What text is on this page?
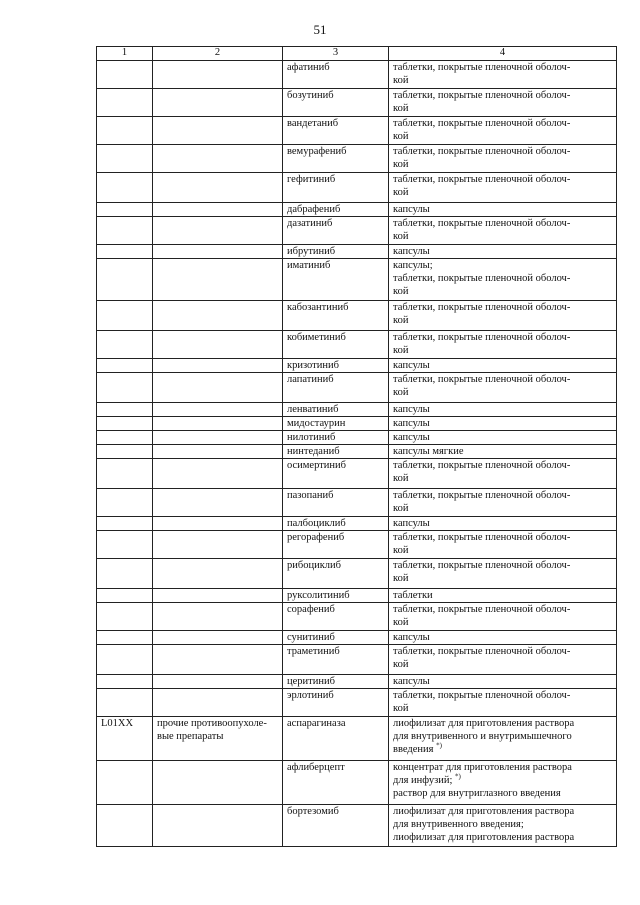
51
1	2	3	4
		афатиниб	таблетки, покрытые пленочной оболоч-
кой
		бозутиниб	таблетки, покрытые пленочной оболоч-
кой
		вандетаниб	таблетки, покрытые пленочной оболоч-
кой
		вемурафениб	таблетки, покрытые пленочной оболоч-
кой
		гефитиниб	таблетки, покрытые пленочной оболоч-
кой
		дабрафениб	капсулы
		дазатиниб	таблетки, покрытые пленочной оболоч-
кой
		ибрутиниб	капсулы
		иматиниб	капсулы;
таблетки, покрытые пленочной оболоч-
кой
		кабозантиниб	таблетки, покрытые пленочной оболоч-
кой
		кобиметиниб	таблетки, покрытые пленочной оболоч-
кой
		кризотиниб	капсулы
		лапатиниб	таблетки, покрытые пленочной оболоч-
кой
		ленватиниб	капсулы
		мидостаурин	капсулы
		нилотиниб	капсулы
		нинтеданиб	капсулы мягкие
		осимертиниб	таблетки, покрытые пленочной оболоч-
кой
		пазопаниб	таблетки, покрытые пленочной оболоч-
кой
		палбоциклиб	капсулы
		регорафениб	таблетки, покрытые пленочной оболоч-
кой
		рибоциклиб	таблетки, покрытые пленочной оболоч-
кой
		руксолитиниб	таблетки
		сорафениб	таблетки, покрытые пленочной оболоч-
кой
		сунитиниб	капсулы
		траметиниб	таблетки, покрытые пленочной оболоч-
кой
		церитиниб	капсулы
		эрлотиниб	таблетки, покрытые пленочной оболоч-
кой
L01XX	прочие противоопухоле-
вые препараты	аспарагиназа	лиофилизат для приготовления раствора
для внутривенного и внутримышечного
введения *)
		афлиберцепт	концентрат для приготовления раствора
для инфузий; *)
раствор для внутриглазного введения
		бортезомиб	лиофилизат для приготовления раствора
для внутривенного введения;
лиофилизат для приготовления раствора
